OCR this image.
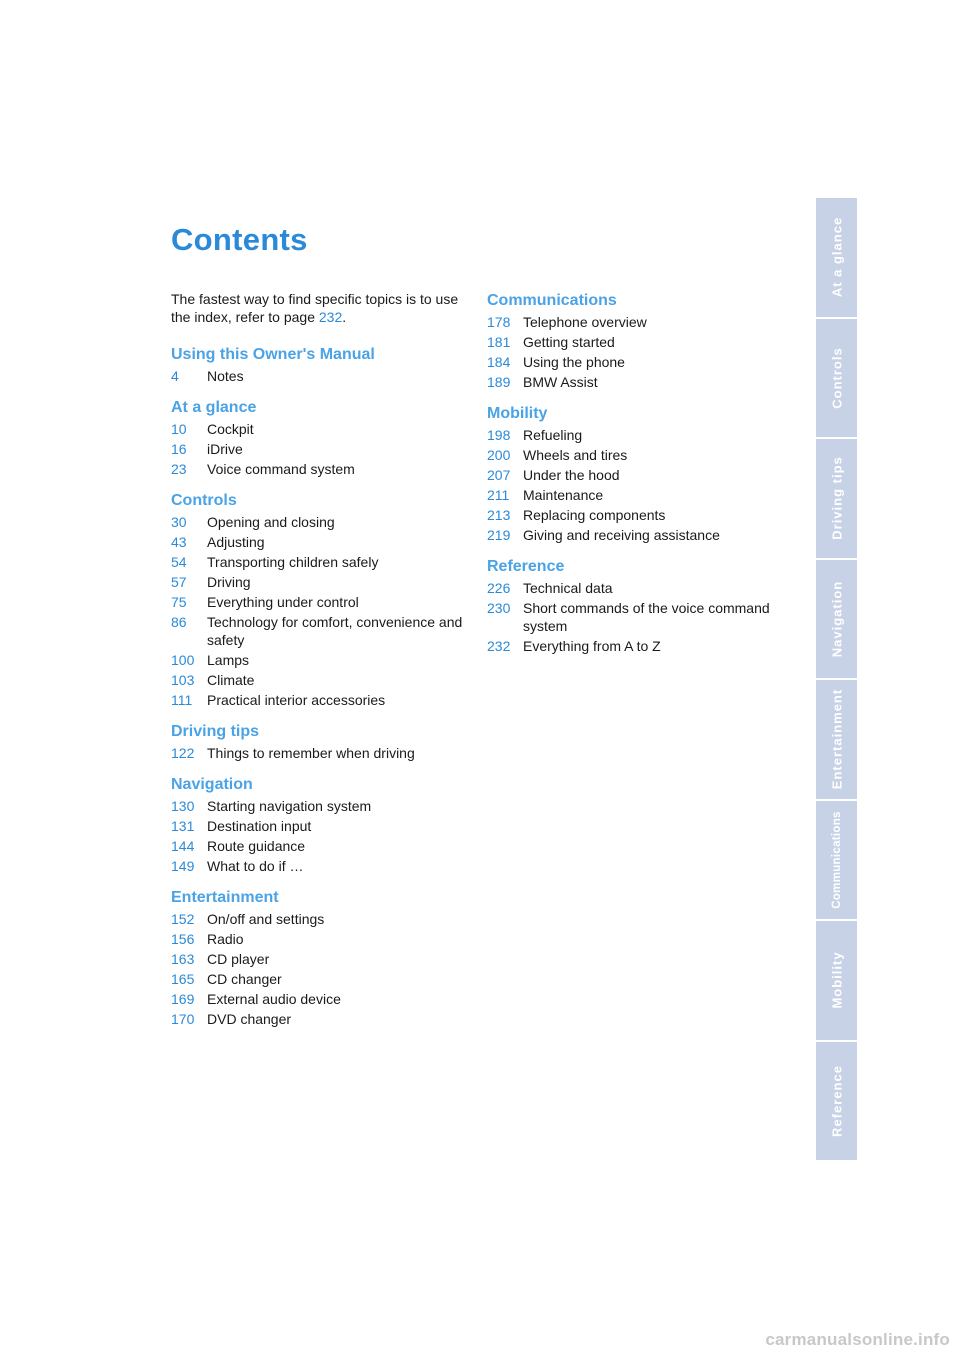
Contents

The fastest way to find specific topics is to use the index, refer to page 232.

Using this Owner's Manual
4	Notes
At a glance
10	Cockpit
16	iDrive
23	Voice command system
Controls
30	Opening and closing
43	Adjusting
54	Transporting children safely
57	Driving
75	Everything under control
86	Technology for comfort, convenience and safety
100 Lamps
103 Climate
111	Practical interior accessories
Driving tips
122 Things to remember when driving
Navigation
130 Starting navigation system
131 Destination input
144 Route guidance
149 What to do if …
Entertainment
152 On/off and settings
156 Radio
163 CD player
165 CD changer
169 External audio device
170 DVD changer
Communications
178 Telephone overview
181 Getting started
184 Using the phone
189 BMW Assist
Mobility
198 Refueling
200 Wheels and tires
207 Under the hood
211 Maintenance
213 Replacing components
219 Giving and receiving assistance
Reference
226 Technical data
230 Short commands of the voice command system
232 Everything from A to Z
At a glance
Controls
Driving tips
Navigation
Entertainment
Communications
Mobility
Reference
carmanualsonline.info
